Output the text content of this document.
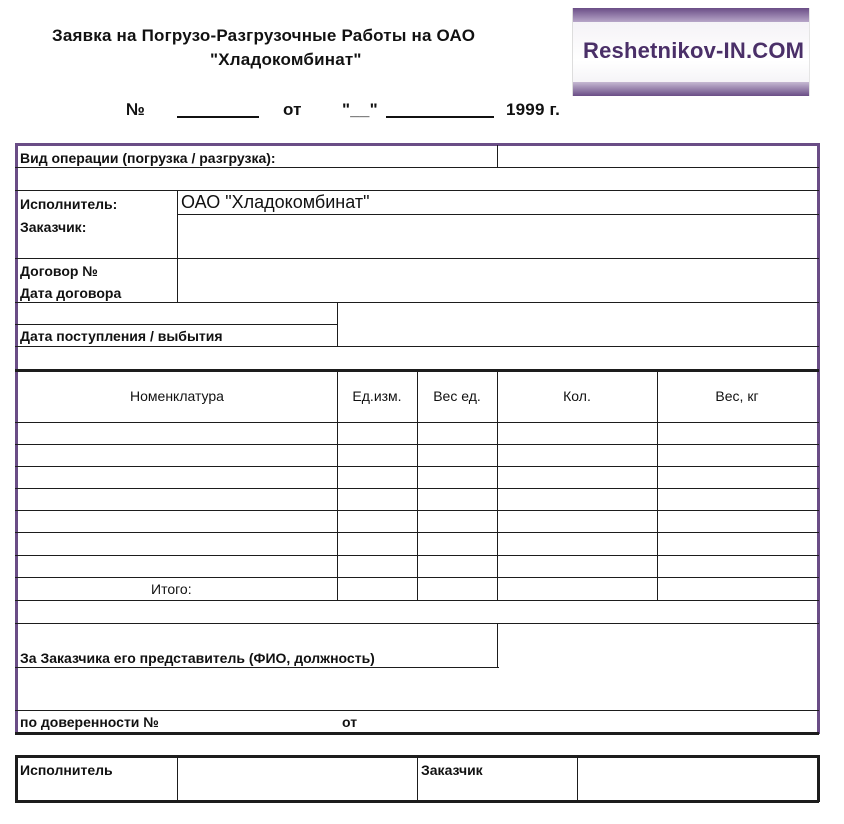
Reshetnikov-IN.COM
Заявка на Погрузо-Разгрузочные Работы на ОАО
"Хладокомбинат"
№	от "__"	1999 г.
Вид операции (погрузка / разгрузка):
Исполнитель:	ОАО "Хладокомбинат"
Заказчик:
Договор №
Дата договора
Дата поступления / выбытия
Номенклатура	Ед.изм.	Вес ед.	Кол.	Вес, кг
Итого:
За Заказчика его представитель (ФИО, должность)
по доверенности №	от
Исполнитель	Заказчик
